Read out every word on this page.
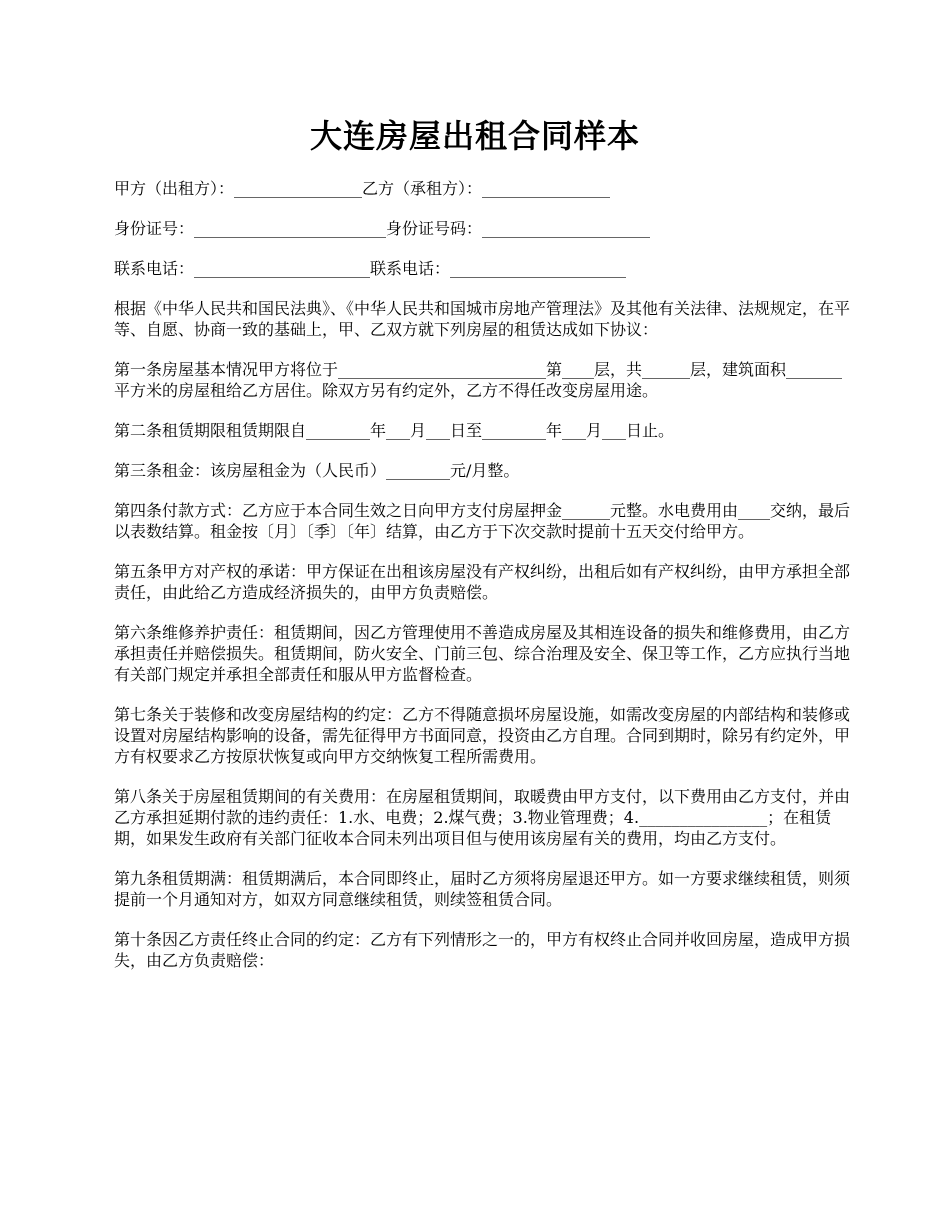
大连房屋出租合同样本

甲方（出租方）：________________乙方（承租方）：________________

身份证号：________________________身份证号码：_____________________

联系电话：______________________联系电话：______________________

根据《中华人民共和国民法典》、《中华人民共和国城市房地产管理法》及其他有关法律、法规规定，在平等、自愿、协商一致的基础上，甲、乙双方就下列房屋的租赁达成如下协议：

第一条房屋基本情况甲方将位于__________________________第____层，共______层，建筑面积_______平方米的房屋租给乙方居住。除双方另有约定外，乙方不得任改变房屋用途。

第二条租赁期限租赁期限自________年___月___日至________年___月___日止。

第三条租金：该房屋租金为（人民币）________元/月整。

第四条付款方式：乙方应于本合同生效之日向甲方支付房屋押金______元整。水电费用由____交纳，最后以表数结算。租金按〔月〕〔季〕〔年〕结算，由乙方于下次交款时提前十五天交付给甲方。

第五条甲方对产权的承诺：甲方保证在出租该房屋没有产权纠纷，出租后如有产权纠纷，由甲方承担全部责任，由此给乙方造成经济损失的，由甲方负责赔偿。

第六条维修养护责任：租赁期间，因乙方管理使用不善造成房屋及其相连设备的损失和维修费用，由乙方承担责任并赔偿损失。租赁期间，防火安全、门前三包、综合治理及安全、保卫等工作，乙方应执行当地有关部门规定并承担全部责任和服从甲方监督检查。

第七条关于装修和改变房屋结构的约定：乙方不得随意损坏房屋设施，如需改变房屋的内部结构和装修或设置对房屋结构影响的设备，需先征得甲方书面同意，投资由乙方自理。合同到期时，除另有约定外，甲方有权要求乙方按原状恢复或向甲方交纳恢复工程所需费用。

第八条关于房屋租赁期间的有关费用：在房屋租赁期间，取暖费由甲方支付，以下费用由乙方支付，并由乙方承担延期付款的违约责任：1.水、电费；2.煤气费；3.物业管理费；4.________________；在租赁期，如果发生政府有关部门征收本合同未列出项目但与使用该房屋有关的费用，均由乙方支付。

第九条租赁期满：租赁期满后，本合同即终止，届时乙方须将房屋退还甲方。如一方要求继续租赁，则须提前一个月通知对方，如双方同意继续租赁，则续签租赁合同。

第十条因乙方责任终止合同的约定：乙方有下列情形之一的，甲方有权终止合同并收回房屋，造成甲方损失，由乙方负责赔偿：
